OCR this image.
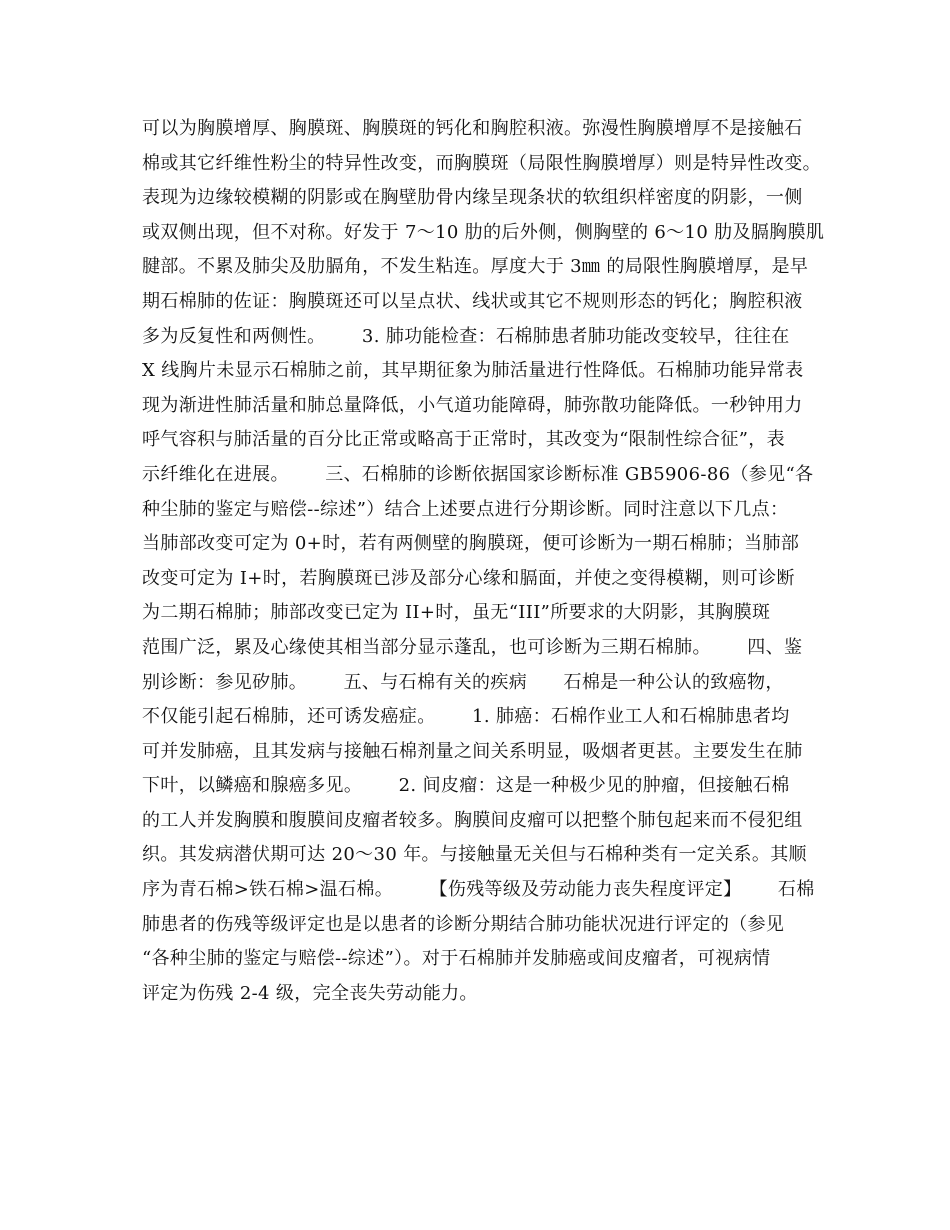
可以为胸膜增厚、胸膜斑、胸膜斑的钙化和胸腔积液。弥漫性胸膜增厚不是接触石
棉或其它纤维性粉尘的特异性改变，而胸膜斑（局限性胸膜增厚）则是特异性改变。
表现为边缘较模糊的阴影或在胸壁肋骨内缘呈现条状的软组织样密度的阴影，一侧
或双侧出现，但不对称。好发于 7～10 肋的后外侧，侧胸壁的 6～10 肋及膈胸膜肌
腱部。不累及肺尖及肋膈角，不发生粘连。厚度大于 3㎜ 的局限性胸膜增厚，是早
期石棉肺的佐证：胸膜斑还可以呈点状、线状或其它不规则形态的钙化；胸腔积液
多为反复性和两侧性。      3. 肺功能检查：石棉肺患者肺功能改变较早，往往在
X 线胸片未显示石棉肺之前，其早期征象为肺活量进行性降低。石棉肺功能异常表
现为渐进性肺活量和肺总量降低，小气道功能障碍，肺弥散功能降低。一秒钟用力
呼气容积与肺活量的百分比正常或略高于正常时，其改变为“限制性综合征”，表
示纤维化在进展。      三、石棉肺的诊断依据国家诊断标准 GB5906-86（参见“各
种尘肺的鉴定与赔偿--综述”）结合上述要点进行分期诊断。同时注意以下几点：
当肺部改变可定为 0+时，若有两侧壁的胸膜斑，便可诊断为一期石棉肺；当肺部
改变可定为 I+时，若胸膜斑已涉及部分心缘和膈面，并使之变得模糊，则可诊断
为二期石棉肺；肺部改变已定为 II+时，虽无“III”所要求的大阴影，其胸膜斑
范围广泛，累及心缘使其相当部分显示蓬乱，也可诊断为三期石棉肺。      四、鉴
别诊断：参见矽肺。      五、与石棉有关的疾病      石棉是一种公认的致癌物，
不仅能引起石棉肺，还可诱发癌症。      1. 肺癌：石棉作业工人和石棉肺患者均
可并发肺癌，且其发病与接触石棉剂量之间关系明显，吸烟者更甚。主要发生在肺
下叶，以鳞癌和腺癌多见。      2. 间皮瘤：这是一种极少见的肿瘤，但接触石棉
的工人并发胸膜和腹膜间皮瘤者较多。胸膜间皮瘤可以把整个肺包起来而不侵犯组
织。其发病潜伏期可达 20～30 年。与接触量无关但与石棉种类有一定关系。其顺
序为青石棉>铁石棉>温石棉。      【伤残等级及劳动能力丧失程度评定】      石棉
肺患者的伤残等级评定也是以患者的诊断分期结合肺功能状况进行评定的（参见
“各种尘肺的鉴定与赔偿--综述”）。对于石棉肺并发肺癌或间皮瘤者，可视病情
评定为伤残 2-4 级，完全丧失劳动能力。
